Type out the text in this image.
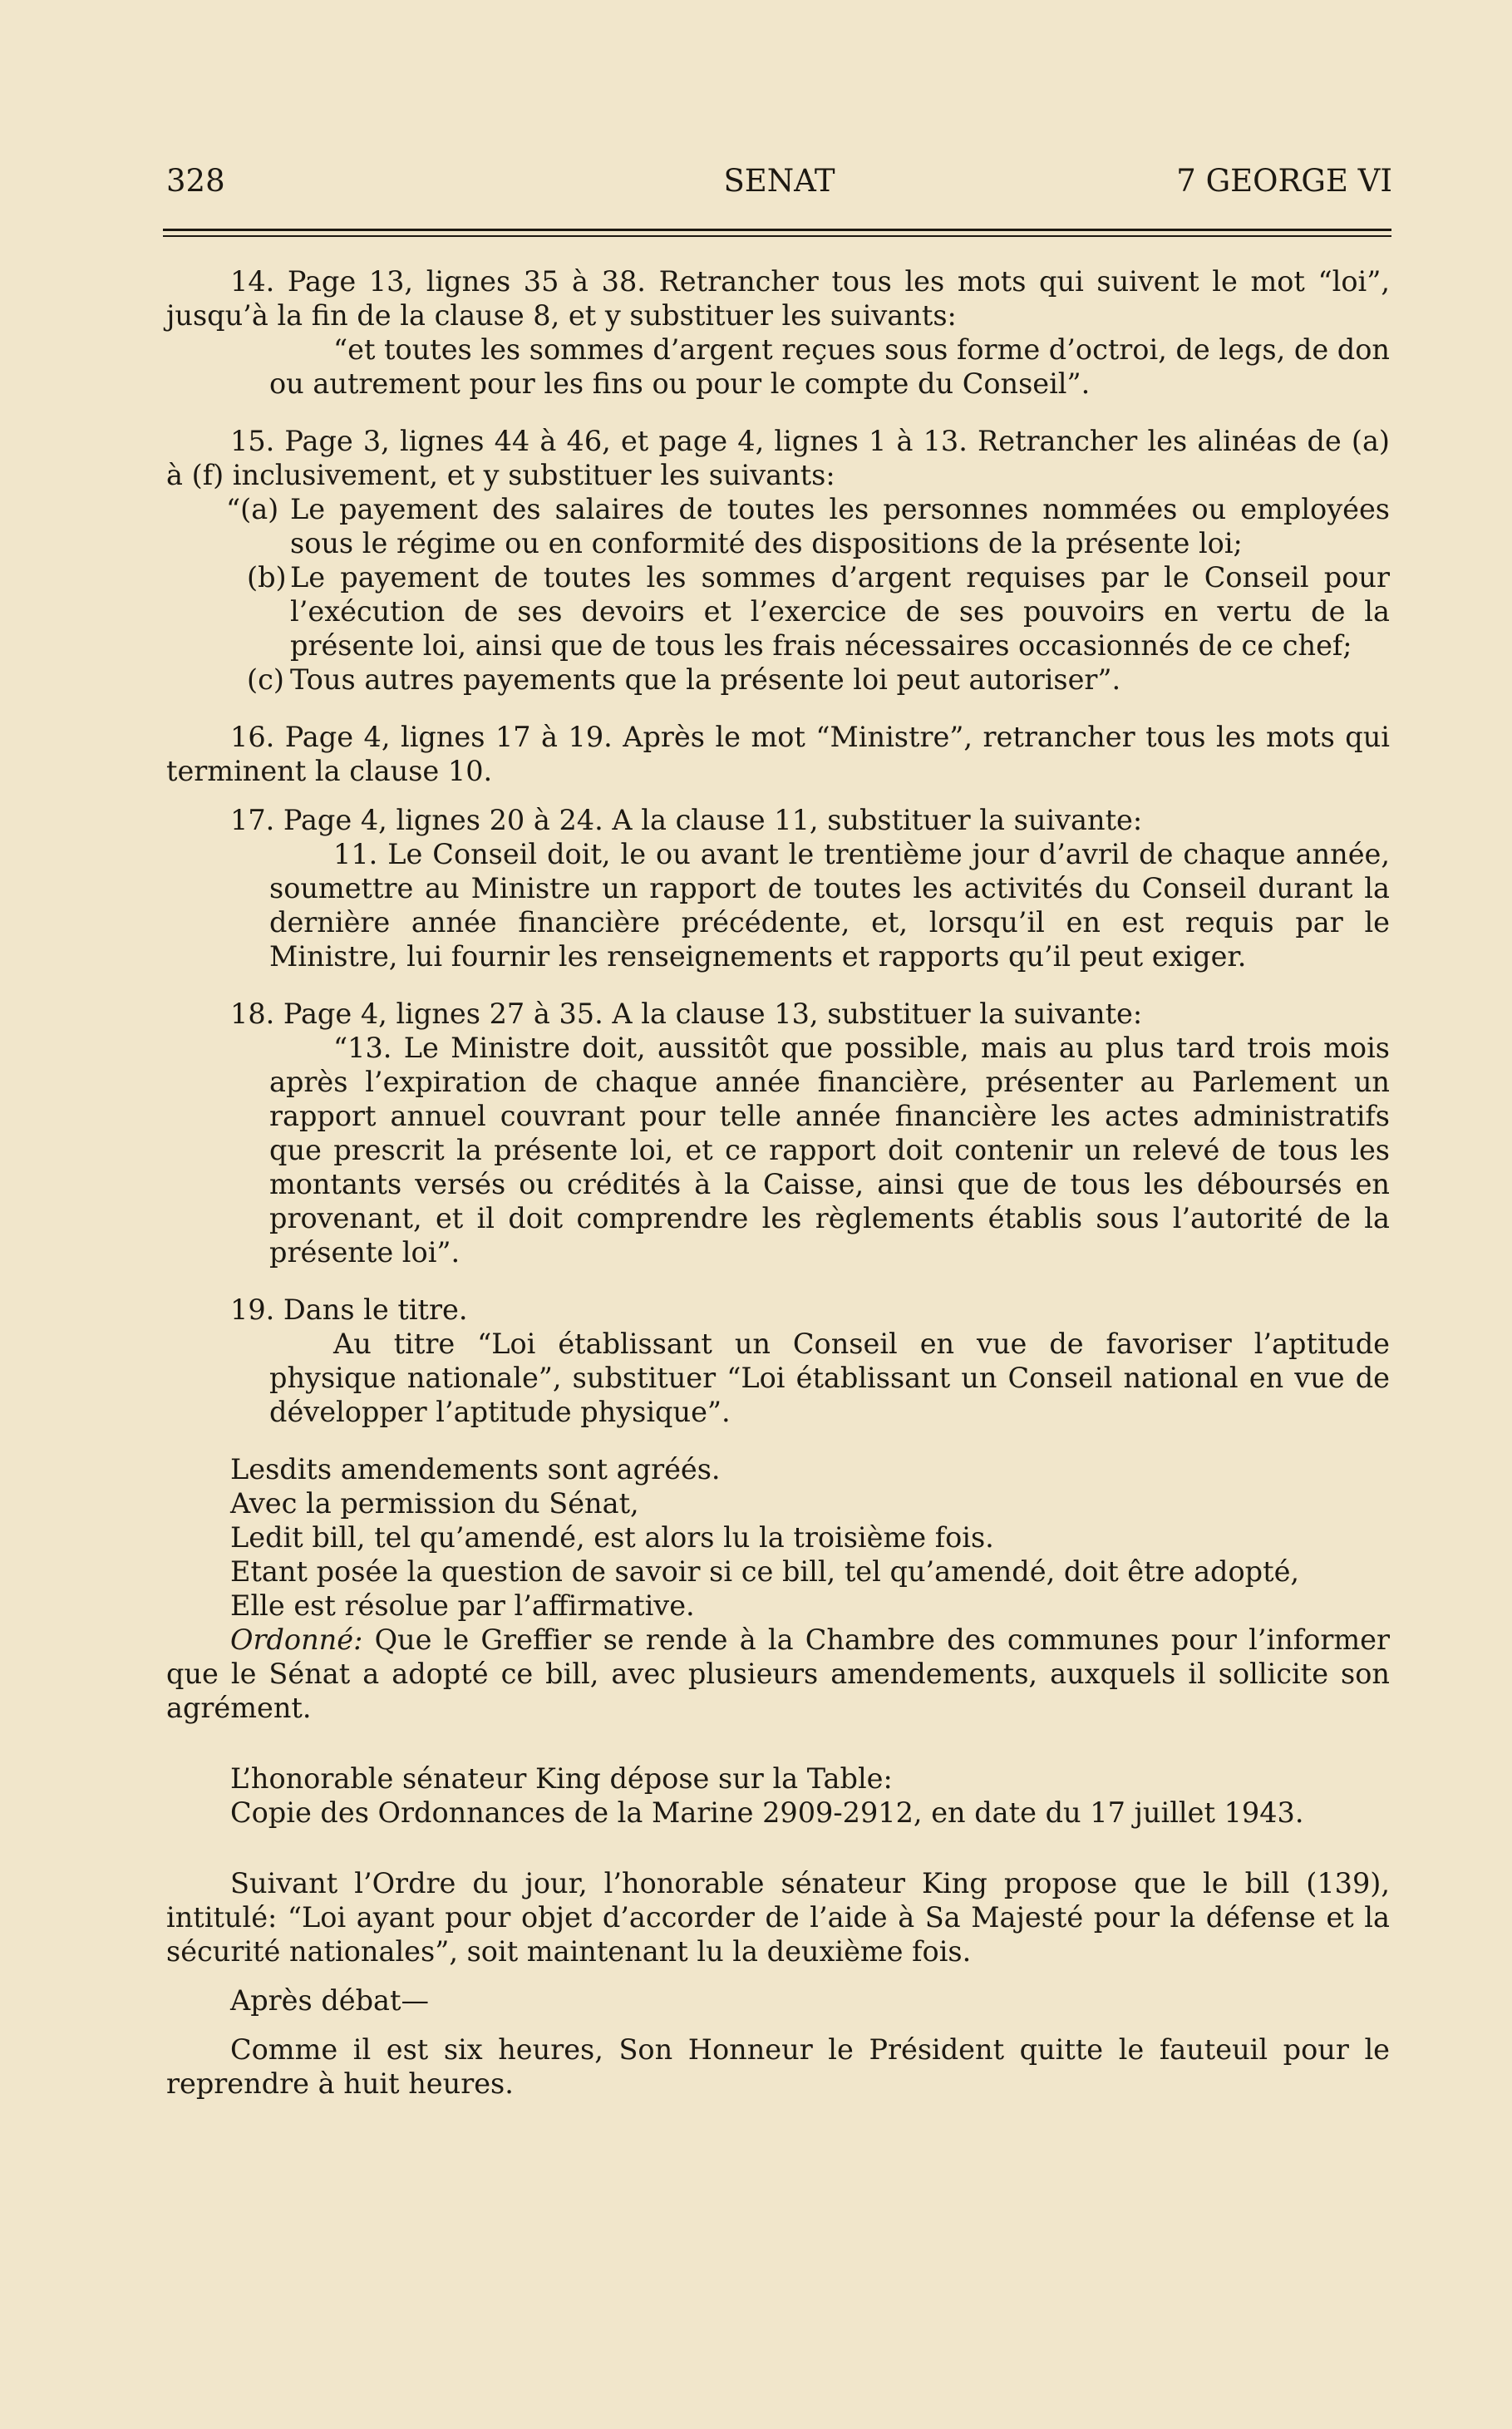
328	SENAT	7 GEORGE VI

14. Page 13, lignes 35 à 38. Retrancher tous les mots qui suivent le mot “loi”, jusqu’à la fin de la clause 8, et y substituer les suivants:

“et toutes les sommes d’argent reçues sous forme d’octroi, de legs, de don ou autrement pour les fins ou pour le compte du Conseil”.

15. Page 3, lignes 44 à 46, et page 4, lignes 1 à 13. Retrancher les alinéas de (a) à (f) inclusivement, et y substituer les suivants:

“(a) Le payement des salaires de toutes les personnes nommées ou employées sous le régime ou en conformité des dispositions de la présente loi;
(b) Le payement de toutes les sommes d’argent requises par le Conseil pour l’exécution de ses devoirs et l’exercice de ses pouvoirs en vertu de la présente loi, ainsi que de tous les frais nécessaires occasionnés de ce chef;
(c) Tous autres payements que la présente loi peut autoriser”.

16. Page 4, lignes 17 à 19. Après le mot “Ministre”, retrancher tous les mots qui terminent la clause 10.

17. Page 4, lignes 20 à 24. A la clause 11, substituer la suivante:

11. Le Conseil doit, le ou avant le trentième jour d’avril de chaque année, soumettre au Ministre un rapport de toutes les activités du Conseil durant la dernière année financière précédente, et, lorsqu’il en est requis par le Ministre, lui fournir les renseignements et rapports qu’il peut exiger.

18. Page 4, lignes 27 à 35. A la clause 13, substituer la suivante:

“13. Le Ministre doit, aussitôt que possible, mais au plus tard trois mois après l’expiration de chaque année financière, présenter au Parlement un rapport annuel couvrant pour telle année financière les actes administratifs que prescrit la présente loi, et ce rapport doit contenir un relevé de tous les montants versés ou crédités à la Caisse, ainsi que de tous les déboursés en provenant, et il doit comprendre les règlements établis sous l’autorité de la présente loi”.

19. Dans le titre.

Au titre “Loi établissant un Conseil en vue de favoriser l’aptitude physique nationale”, substituer “Loi établissant un Conseil national en vue de développer l’aptitude physique”.

Lesdits amendements sont agréés.

Avec la permission du Sénat,

Ledit bill, tel qu’amendé, est alors lu la troisième fois.

Etant posée la question de savoir si ce bill, tel qu’amendé, doit être adopté,

Elle est résolue par l’affirmative.

Ordonné: Que le Greffier se rende à la Chambre des communes pour l’informer que le Sénat a adopté ce bill, avec plusieurs amendements, auxquels il sollicite son agrément.

L’honorable sénateur King dépose sur la Table:

Copie des Ordonnances de la Marine 2909-2912, en date du 17 juillet 1943.

Suivant l’Ordre du jour, l’honorable sénateur King propose que le bill (139), intitulé: “Loi ayant pour objet d’accorder de l’aide à Sa Majesté pour la défense et la sécurité nationales”, soit maintenant lu la deuxième fois.

Après débat—

Comme il est six heures, Son Honneur le Président quitte le fauteuil pour le reprendre à huit heures.
